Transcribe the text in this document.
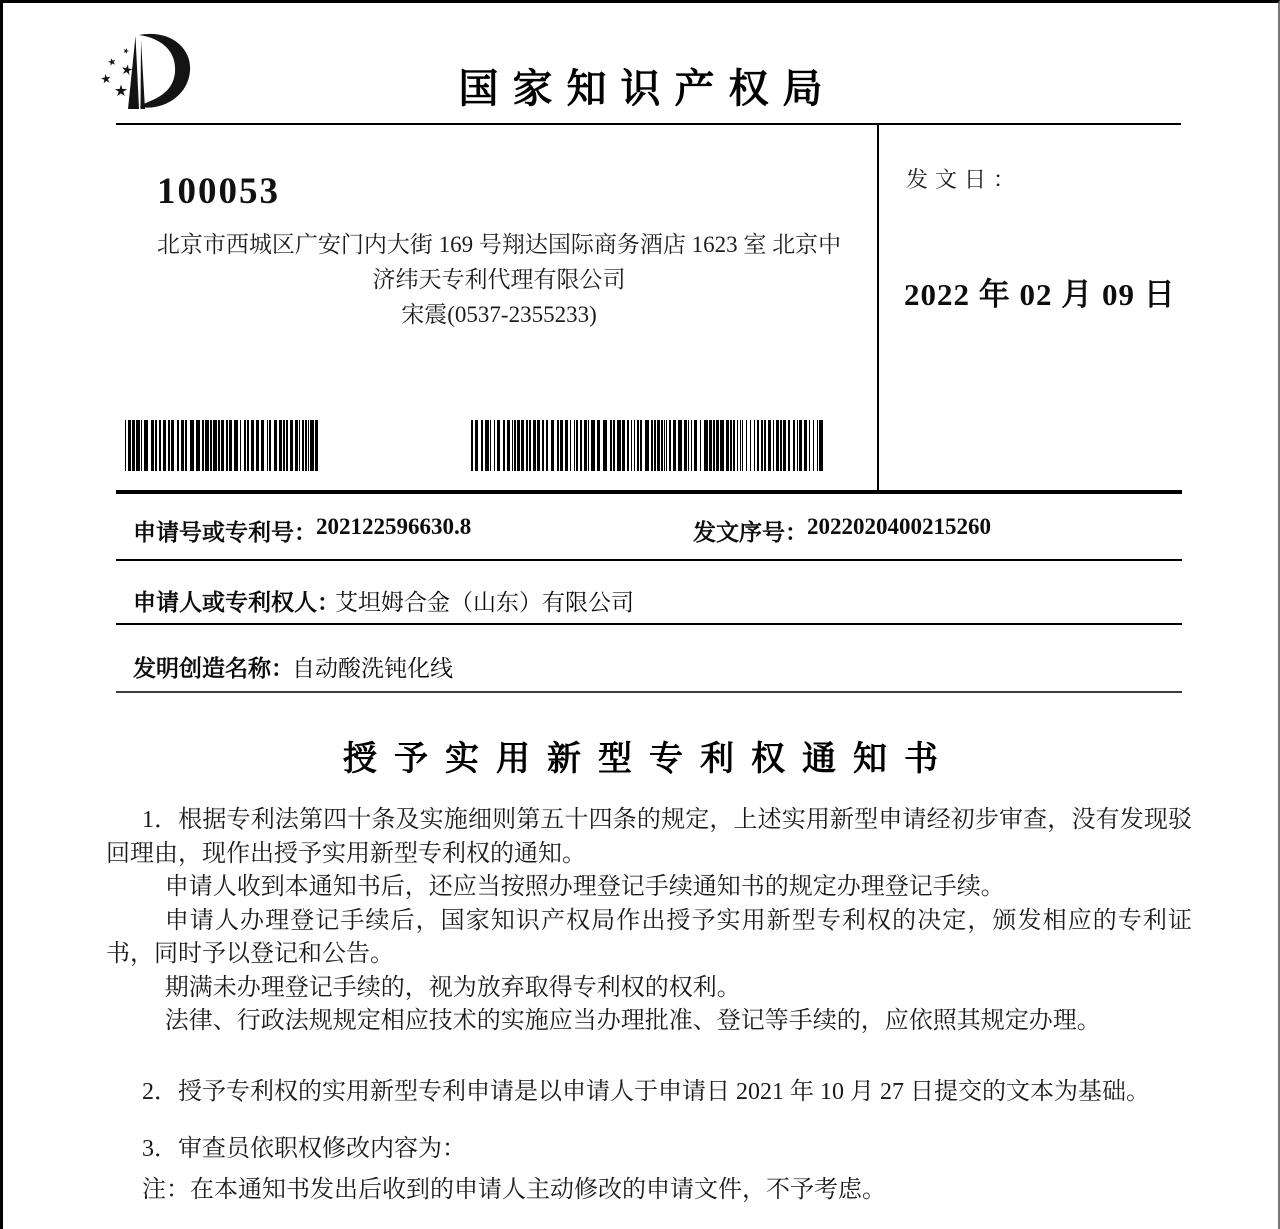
国家知识产权局
100053
北京市西城区广安门内大街 169 号翔达国际商务酒店 1623 室 北京中
济纬天专利代理有限公司
宋震(0537-2355233)
发文日：
2022 年 02 月 09 日
申请号或专利号： 202122596630.8	发文序号： 2022020400215260
申请人或专利权人：
艾坦姆合金（山东）有限公司
发明创造名称：
自动酸洗钝化线
授予实用新型专利权通知书

1．根据专利法第四十条及实施细则第五十四条的规定，上述实用新型申请经初步审查，没有发现驳回理由，现作出授予实用新型专利权的通知。

申请人收到本通知书后，还应当按照办理登记手续通知书的规定办理登记手续。

申请人办理登记手续后，国家知识产权局作出授予实用新型专利权的决定，颁发相应的专利证书，同时予以登记和公告。

期满未办理登记手续的，视为放弃取得专利权的权利。

法律、行政法规规定相应技术的实施应当办理批准、登记等手续的，应依照其规定办理。

2．授予专利权的实用新型专利申请是以申请人于申请日 2021 年 10 月 27 日提交的文本为基础。

3．审查员依职权修改内容为：

注：在本通知书发出后收到的申请人主动修改的申请文件，不予考虑。
